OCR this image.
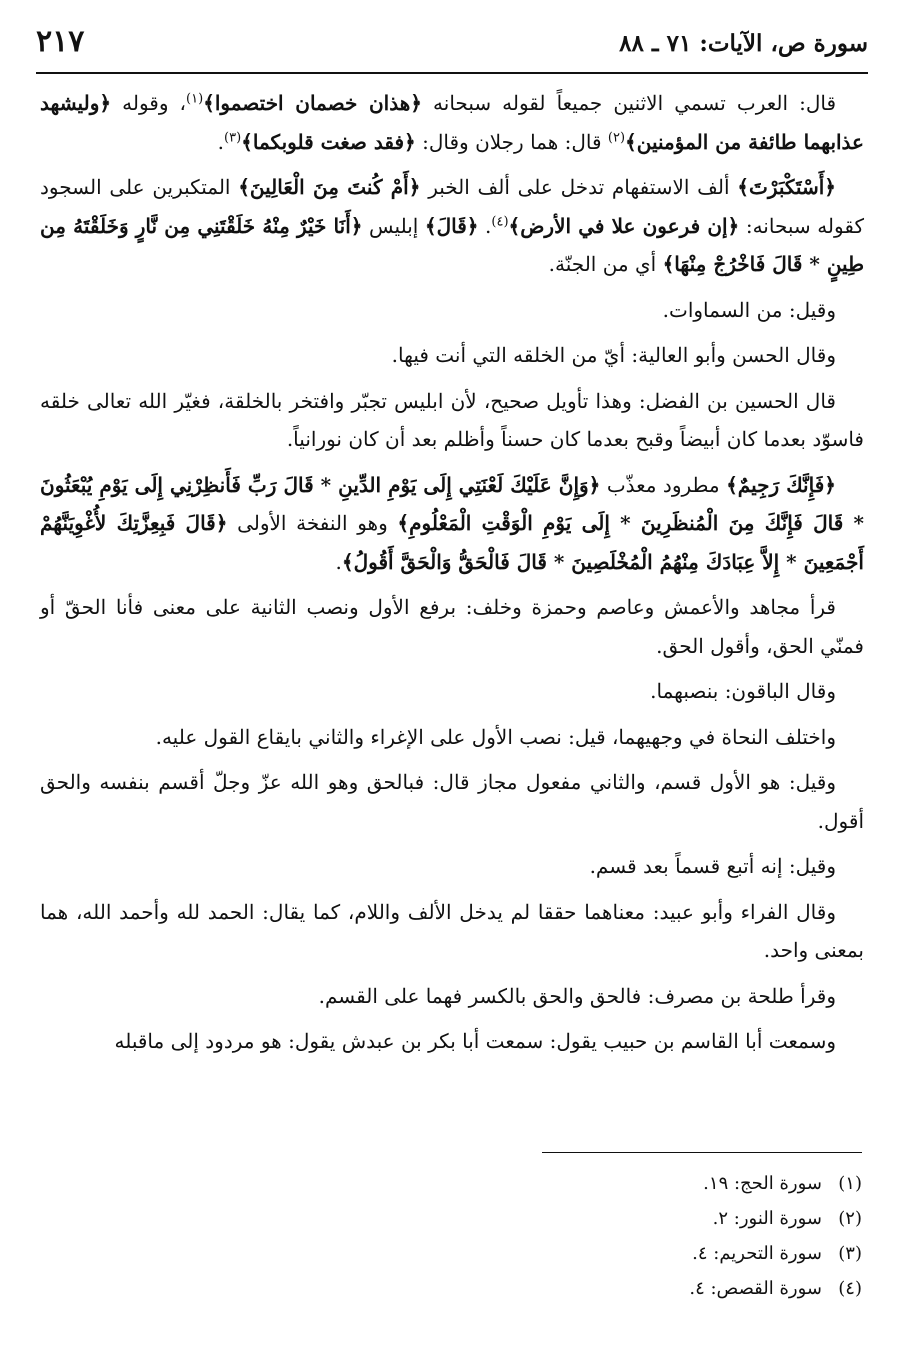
سورة ص، الآيات: ٧١ ـ ٨٨
٢١٧

قال: العرب تسمي الاثنين جميعاً لقوله سبحانه ﴿هذان خصمان اختصموا﴾$^{(١)}$، وقوله ﴿وليشهد عذابهما طائفة من المؤمنين﴾$^{(٢)}$ قال: هما رجلان وقال: ﴿فقد صغت قلوبكما﴾$^{(٣)}$.

﴿أَسْتَكْبَرْتَ﴾ ألف الاستفهام تدخل على ألف الخبر ﴿أَمْ كُنتَ مِنَ الْعَالِينَ﴾ المتكبرين على السجود كقوله سبحانه: ﴿إن فرعون علا في الأرض﴾$^{(٤)}$. ﴿قَالَ﴾ إبليس ﴿أَنَا خَيْرٌ مِنْهُ خَلَقْتَنِي مِن نَّارٍ وَخَلَقْتَهُ مِن طِينٍ * قَالَ فَاخْرُجْ مِنْهَا﴾ أي من الجنّة.

وقيل: من السماوات.

وقال الحسن وأبو العالية: أيّ من الخلقه التي أنت فيها.

قال الحسين بن الفضل: وهذا تأويل صحيح، لأن ابليس تجبّر وافتخر بالخلقة، فغيّر الله تعالى خلقه فاسوّد بعدما كان أبيضاً وقبح بعدما كان حسناً وأظلم بعد أن كان نورانياً.

﴿فَإِنَّكَ رَجِيمٌ﴾ مطرود معذّب ﴿وَإِنَّ عَلَيْكَ لَعْنَتِي إِلَى يَوْمِ الدِّينِ * قَالَ رَبِّ فَأَنظِرْنِي إِلَى يَوْمِ يُبْعَثُونَ * قَالَ فَإِنَّكَ مِنَ الْمُنظَرِينَ * إِلَى يَوْمِ الْوَقْتِ الْمَعْلُومِ﴾ وهو النفخة الأولى ﴿قَالَ فَبِعِزَّتِكَ لأُغْوِيَنَّهُمْ أَجْمَعِينَ * إِلاَّ عِبَادَكَ مِنْهُمُ الْمُخْلَصِينَ * قَالَ فَالْحَقُّ وَالْحَقَّ أَقُولُ﴾.

قرأ مجاهد والأعمش وعاصم وحمزة وخلف: برفع الأول ونصب الثانية على معنى فأنا الحقّ أو فمنّي الحق، وأقول الحق.

وقال الباقون: بنصبهما.

واختلف النحاة في وجهيهما، قيل: نصب الأول على الإغراء والثاني بايقاع القول عليه.

وقيل: هو الأول قسم، والثاني مفعول مجاز قال: فبالحق وهو الله عزّ وجلّ أقسم بنفسه والحق أقول.

وقيل: إنه أتبع قسماً بعد قسم.

وقال الفراء وأبو عبيد: معناهما حققا لم يدخل الألف واللام، كما يقال: الحمد لله وأحمد الله، هما بمعنى واحد.

وقرأ طلحة بن مصرف: فالحق والحق بالكسر فهما على القسم.

وسمعت أبا القاسم بن حبيب يقول: سمعت أبا بكر بن عبدش يقول: هو مردود إلى ماقبله

(١)سورة الحج: ١٩.
(٢)سورة النور: ٢.
(٣)سورة التحريم: ٤.
(٤)سورة القصص: ٤.
